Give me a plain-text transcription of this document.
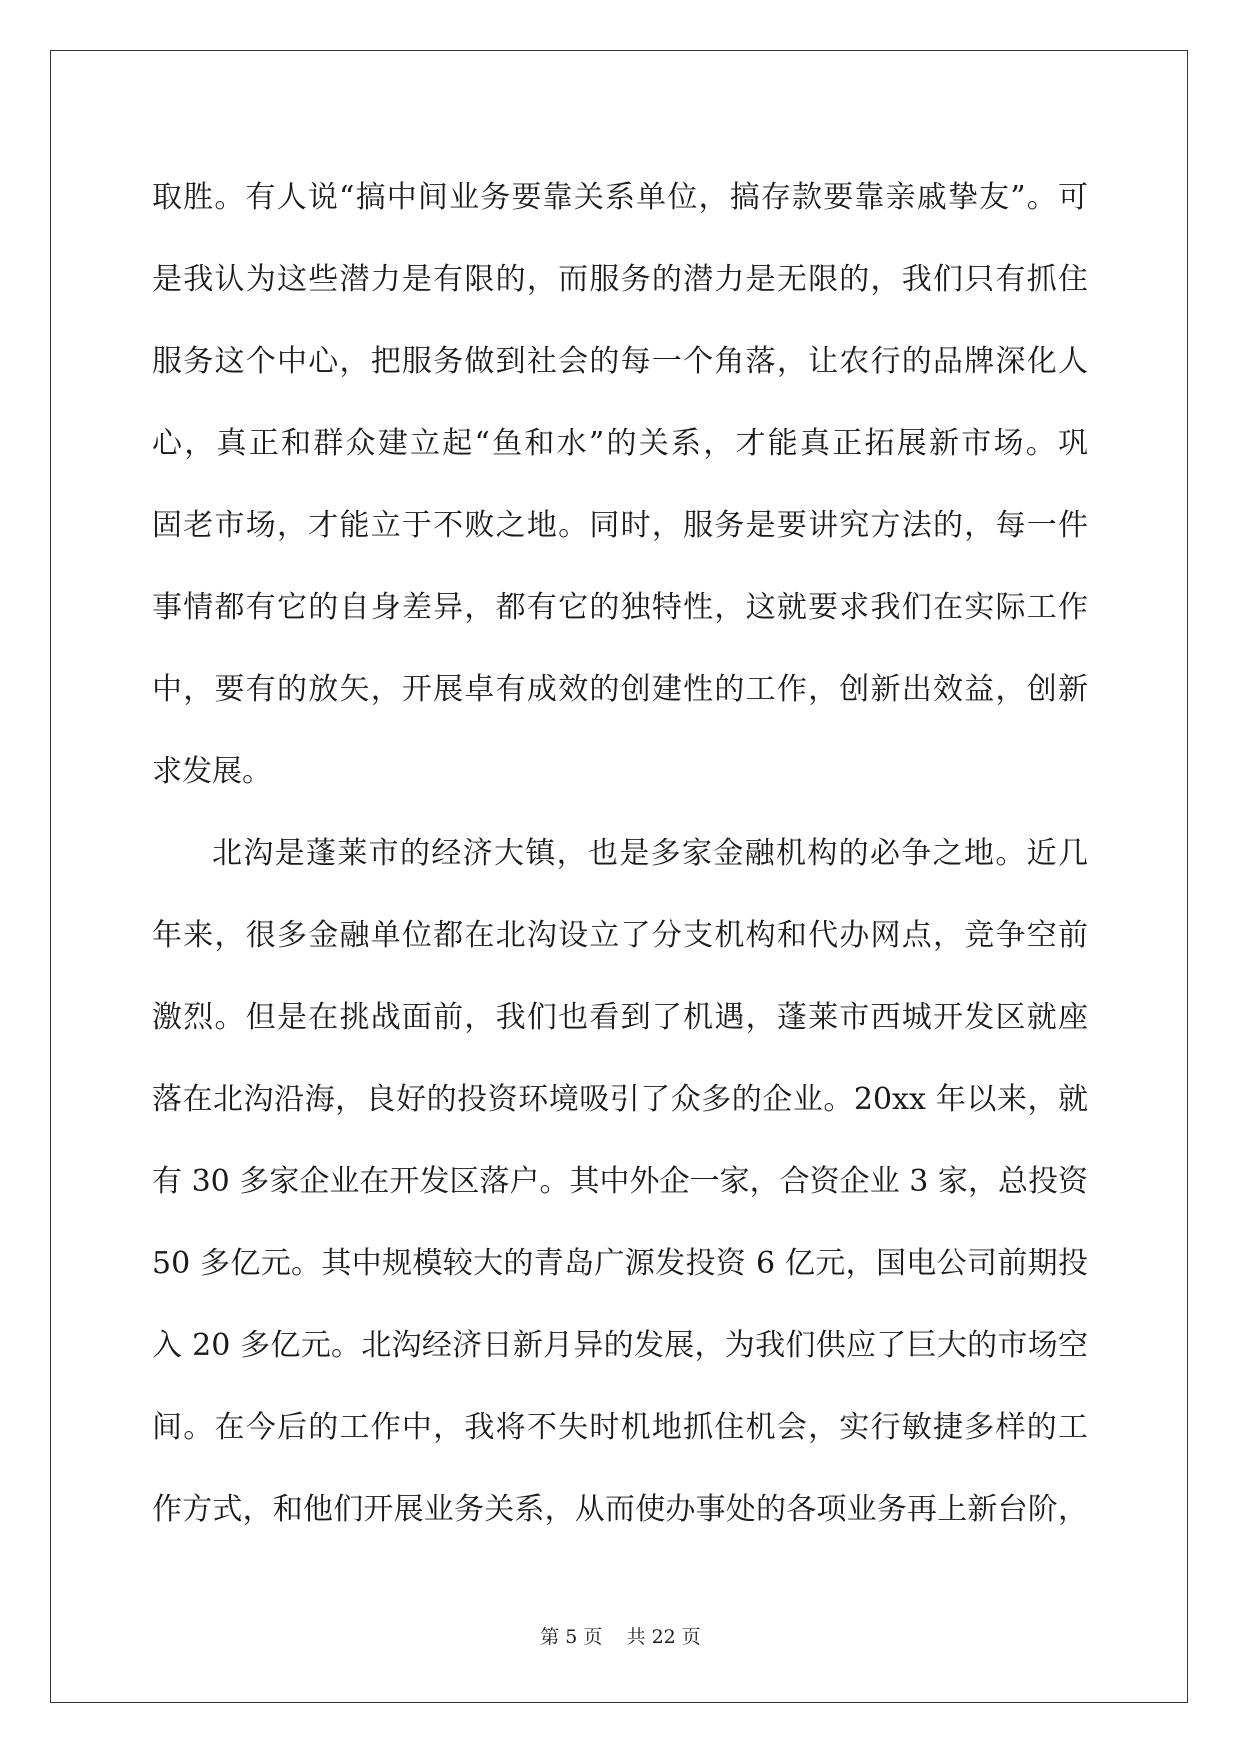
取胜。有人说“搞中间业务要靠关系单位，搞存款要靠亲戚挚友”。可
是我认为这些潜力是有限的，而服务的潜力是无限的，我们只有抓住
服务这个中心，把服务做到社会的每一个角落，让农行的品牌深化人
心，真正和群众建立起“鱼和水”的关系，才能真正拓展新市场。巩
固老市场，才能立于不败之地。同时，服务是要讲究方法的，每一件
事情都有它的自身差异，都有它的独特性，这就要求我们在实际工作
中，要有的放矢，开展卓有成效的创建性的工作，创新出效益，创新
求发展。
北沟是蓬莱市的经济大镇，也是多家金融机构的必争之地。近几
年来，很多金融单位都在北沟设立了分支机构和代办网点，竞争空前
激烈。但是在挑战面前，我们也看到了机遇，蓬莱市西城开发区就座
落在北沟沿海，良好的投资环境吸引了众多的企业。20xx 年以来，就
有 30 多家企业在开发区落户。其中外企一家，合资企业 3 家，总投资
50 多亿元。其中规模较大的青岛广源发投资 6 亿元，国电公司前期投
入 20 多亿元。北沟经济日新月异的发展，为我们供应了巨大的市场空
间。在今后的工作中，我将不失时机地抓住机会，实行敏捷多样的工
作方式，和他们开展业务关系，从而使办事处的各项业务再上新台阶，
第 5 页 共 22 页
